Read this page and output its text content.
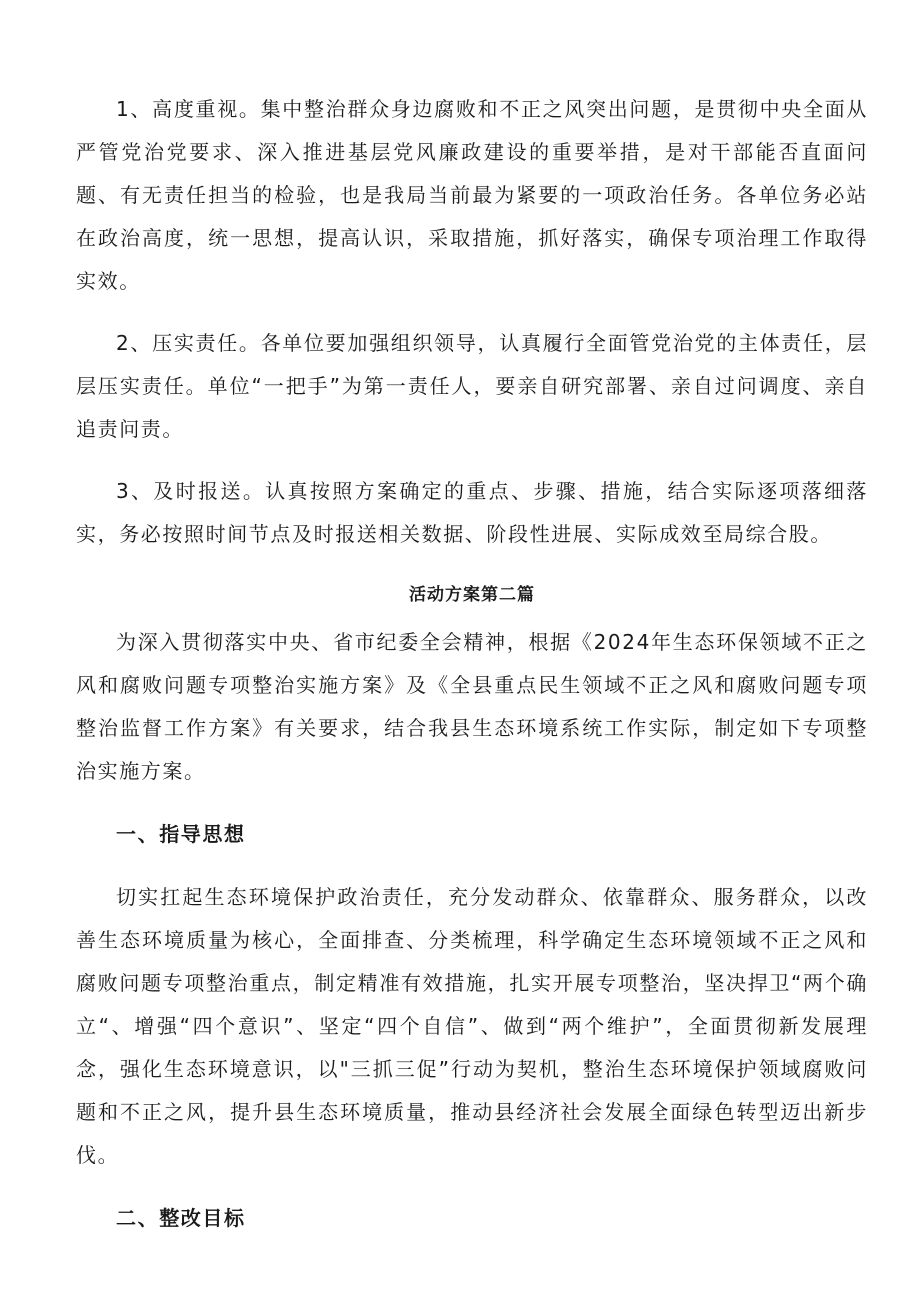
1、高度重视。集中整治群众身边腐败和不正之风突出问题，是贯彻中央全面从严管党治党要求、深入推进基层党风廉政建设的重要举措，是对干部能否直面问题、有无责任担当的检验，也是我局当前最为紧要的一项政治任务。各单位务必站在政治高度，统一思想，提高认识，采取措施，抓好落实，确保专项治理工作取得实效。

2、压实责任。各单位要加强组织领导，认真履行全面管党治党的主体责任，层层压实责任。单位“一把手”为第一责任人，要亲自研究部署、亲自过问调度、亲自追责问责。

3、及时报送。认真按照方案确定的重点、步骤、措施，结合实际逐项落细落实，务必按照时间节点及时报送相关数据、阶段性进展、实际成效至局综合股。

活动方案第二篇

为深入贯彻落实中央、省市纪委全会精神，根据《2024年生态环保领域不正之风和腐败问题专项整治实施方案》及《全县重点民生领域不正之风和腐败问题专项整治监督工作方案》有关要求，结合我县生态环境系统工作实际，制定如下专项整治实施方案。

一、指导思想

切实扛起生态环境保护政治责任，充分发动群众、依靠群众、服务群众，以改善生态环境质量为核心，全面排查、分类梳理，科学确定生态环境领域不正之风和腐败问题专项整治重点，制定精准有效措施，扎实开展专项整治，坚决捍卫“两个确立“、增强“四个意识”、坚定“四个自信”、做到“两个维护”，全面贯彻新发展理念，强化生态环境意识，以"三抓三促”行动为契机，整治生态环境保护领域腐败问题和不正之风，提升县生态环境质量，推动县经济社会发展全面绿色转型迈出新步伐。

二、整改目标
